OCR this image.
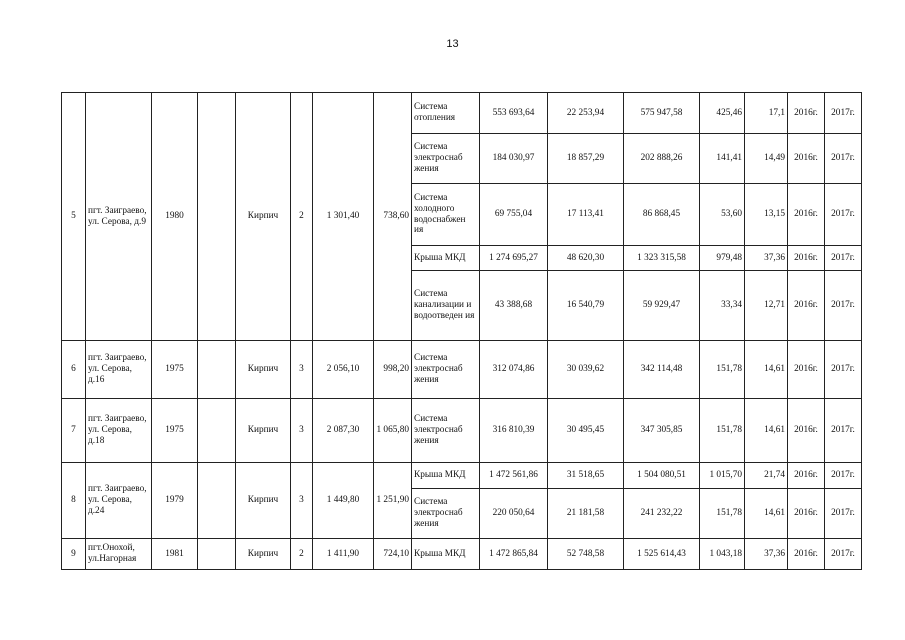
13
5	пгт. Заиграево, ул. Серова, д.9	1980		Кирпич	2	1 301,40	738,60	Система отопления	553 693,64	22 253,94	575 947,58	425,46	17,1	2016г.	2017г.
								Система электроснаб жения	184 030,97	18 857,29	202 888,26	141,41	14,49	2016г.	2017г.
								Система холодного водоснабжен ия	69 755,04	17 113,41	86 868,45	53,60	13,15	2016г.	2017г.
								Крыша МКД	1 274 695,27	48 620,30	1 323 315,58	979,48	37,36	2016г.	2017г.
								Система канализации и водоотведен ия	43 388,68	16 540,79	59 929,47	33,34	12,71	2016г.	2017г.
6	пгт. Заиграево, ул. Серова, д.16	1975		Кирпич	3	2 056,10	998,20	Система электроснаб жения	312 074,86	30 039,62	342 114,48	151,78	14,61	2016г.	2017г.
7	пгт. Заиграево, ул. Серова, д.18	1975		Кирпич	3	2 087,30	1 065,80	Система электроснаб жения	316 810,39	30 495,45	347 305,85	151,78	14,61	2016г.	2017г.
8	пгт. Заиграево, ул. Серова, д.24	1979		Кирпич	3	1 449,80	1 251,90	Крыша МКД	1 472 561,86	31 518,65	1 504 080,51	1 015,70	21,74	2016г.	2017г.
								Система электроснаб жения	220 050,64	21 181,58	241 232,22	151,78	14,61	2016г.	2017г.
9	пгт.Онохой, ул.Нагорная	1981		Кирпич	2	1 411,90	724,10	Крыша МКД	1 472 865,84	52 748,58	1 525 614,43	1 043,18	37,36	2016г.	2017г.
